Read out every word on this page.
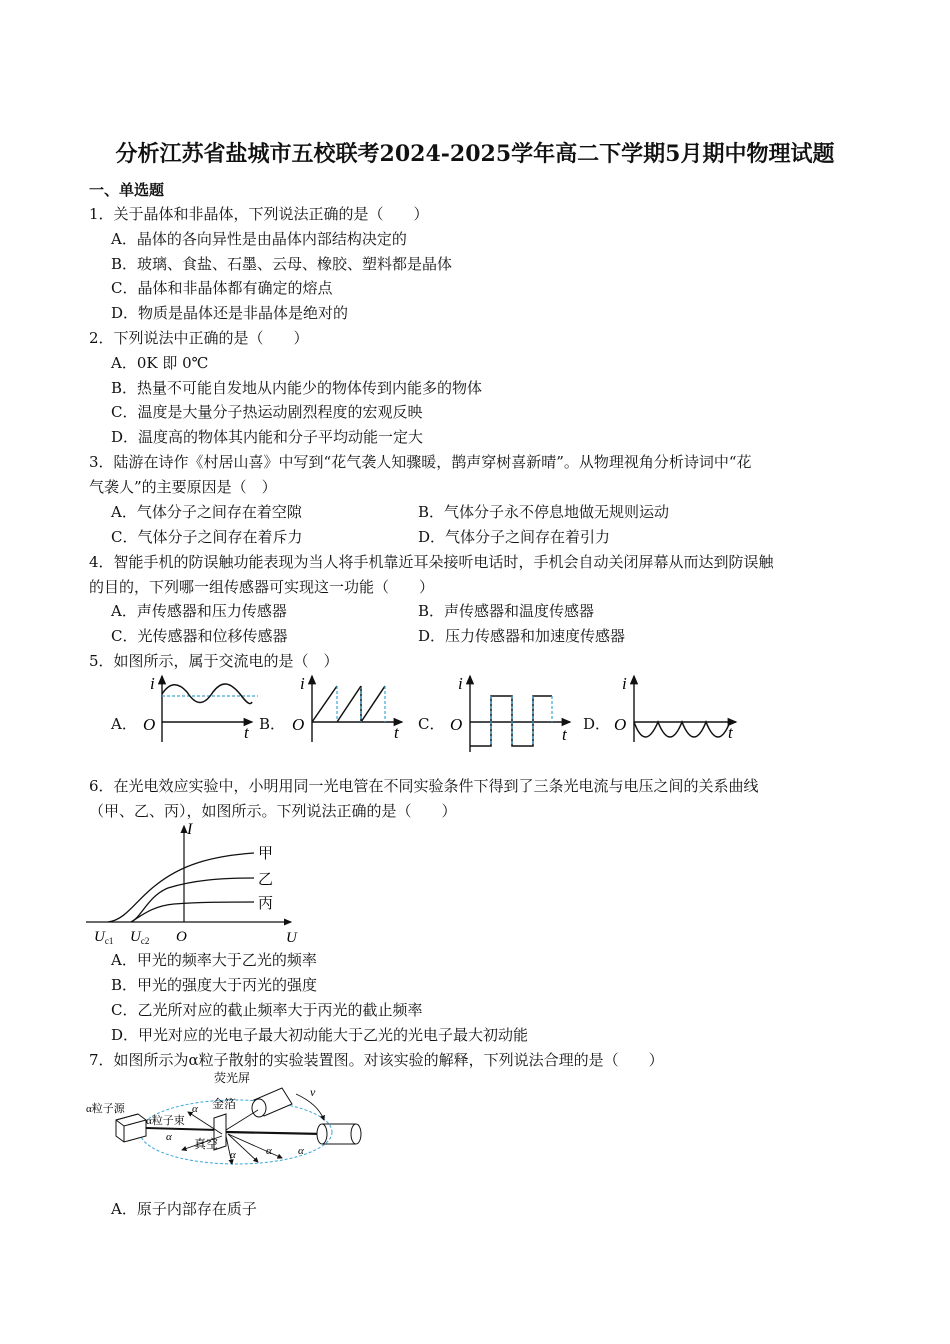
分析江苏省盐城市五校联考2024-2025学年高二下学期5月期中物理试题
一、单选题
1．关于晶体和非晶体，下列说法正确的是（　　）
A．晶体的各向异性是由晶体内部结构决定的
B．玻璃、食盐、石墨、云母、橡胶、塑料都是晶体
C．晶体和非晶体都有确定的熔点
D．物质是晶体还是非晶体是绝对的
2．下列说法中正确的是（　　）
A．0K 即 0℃
B．热量不可能自发地从内能少的物体传到内能多的物体
C．温度是大量分子热运动剧烈程度的宏观反映
D．温度高的物体其内能和分子平均动能一定大
3．陆游在诗作《村居山喜》中写到“花气袭人知骤暖，鹊声穿树喜新晴”。从物理视角分析诗词中“花
气袭人”的主要原因是（　）
A．气体分子之间存在着空隙	B．气体分子永不停息地做无规则运动
C．气体分子之间存在着斥力	D．气体分子之间存在着引力
4．智能手机的防误触功能表现为当人将手机靠近耳朵接听电话时，手机会自动关闭屏幕从而达到防误触
的目的，下列哪一组传感器可实现这一功能（　　）
A．声传感器和压力传感器	B．声传感器和温度传感器
C．光传感器和位移传感器	D．压力传感器和加速度传感器
5．如图所示，属于交流电的是（　）
A．	B．	C．	D．
i
O	t
i
O	t
i
O
t
i
O	t
6．在光电效应实验中，小明用同一光电管在不同实验条件下得到了三条光电流与电压之间的关系曲线
（甲、乙、丙），如图所示。下列说法正确的是（　　）
I
甲
乙
丙
$U_{c1}$ $U_{c2}$ O	U
A．甲光的频率大于乙光的频率
B．甲光的强度大于丙光的强度
C．乙光所对应的截止频率大于丙光的截止频率
D．甲光对应的光电子最大初动能大于乙光的光电子最大初动能
7．如图所示为α粒子散射的实验装置图。对该实验的解释，下列说法合理的是（　　）
荧光屏
金箔
α粒子源
α粒子束
真空
α
α
α	α α
v
A．原子内部存在质子
